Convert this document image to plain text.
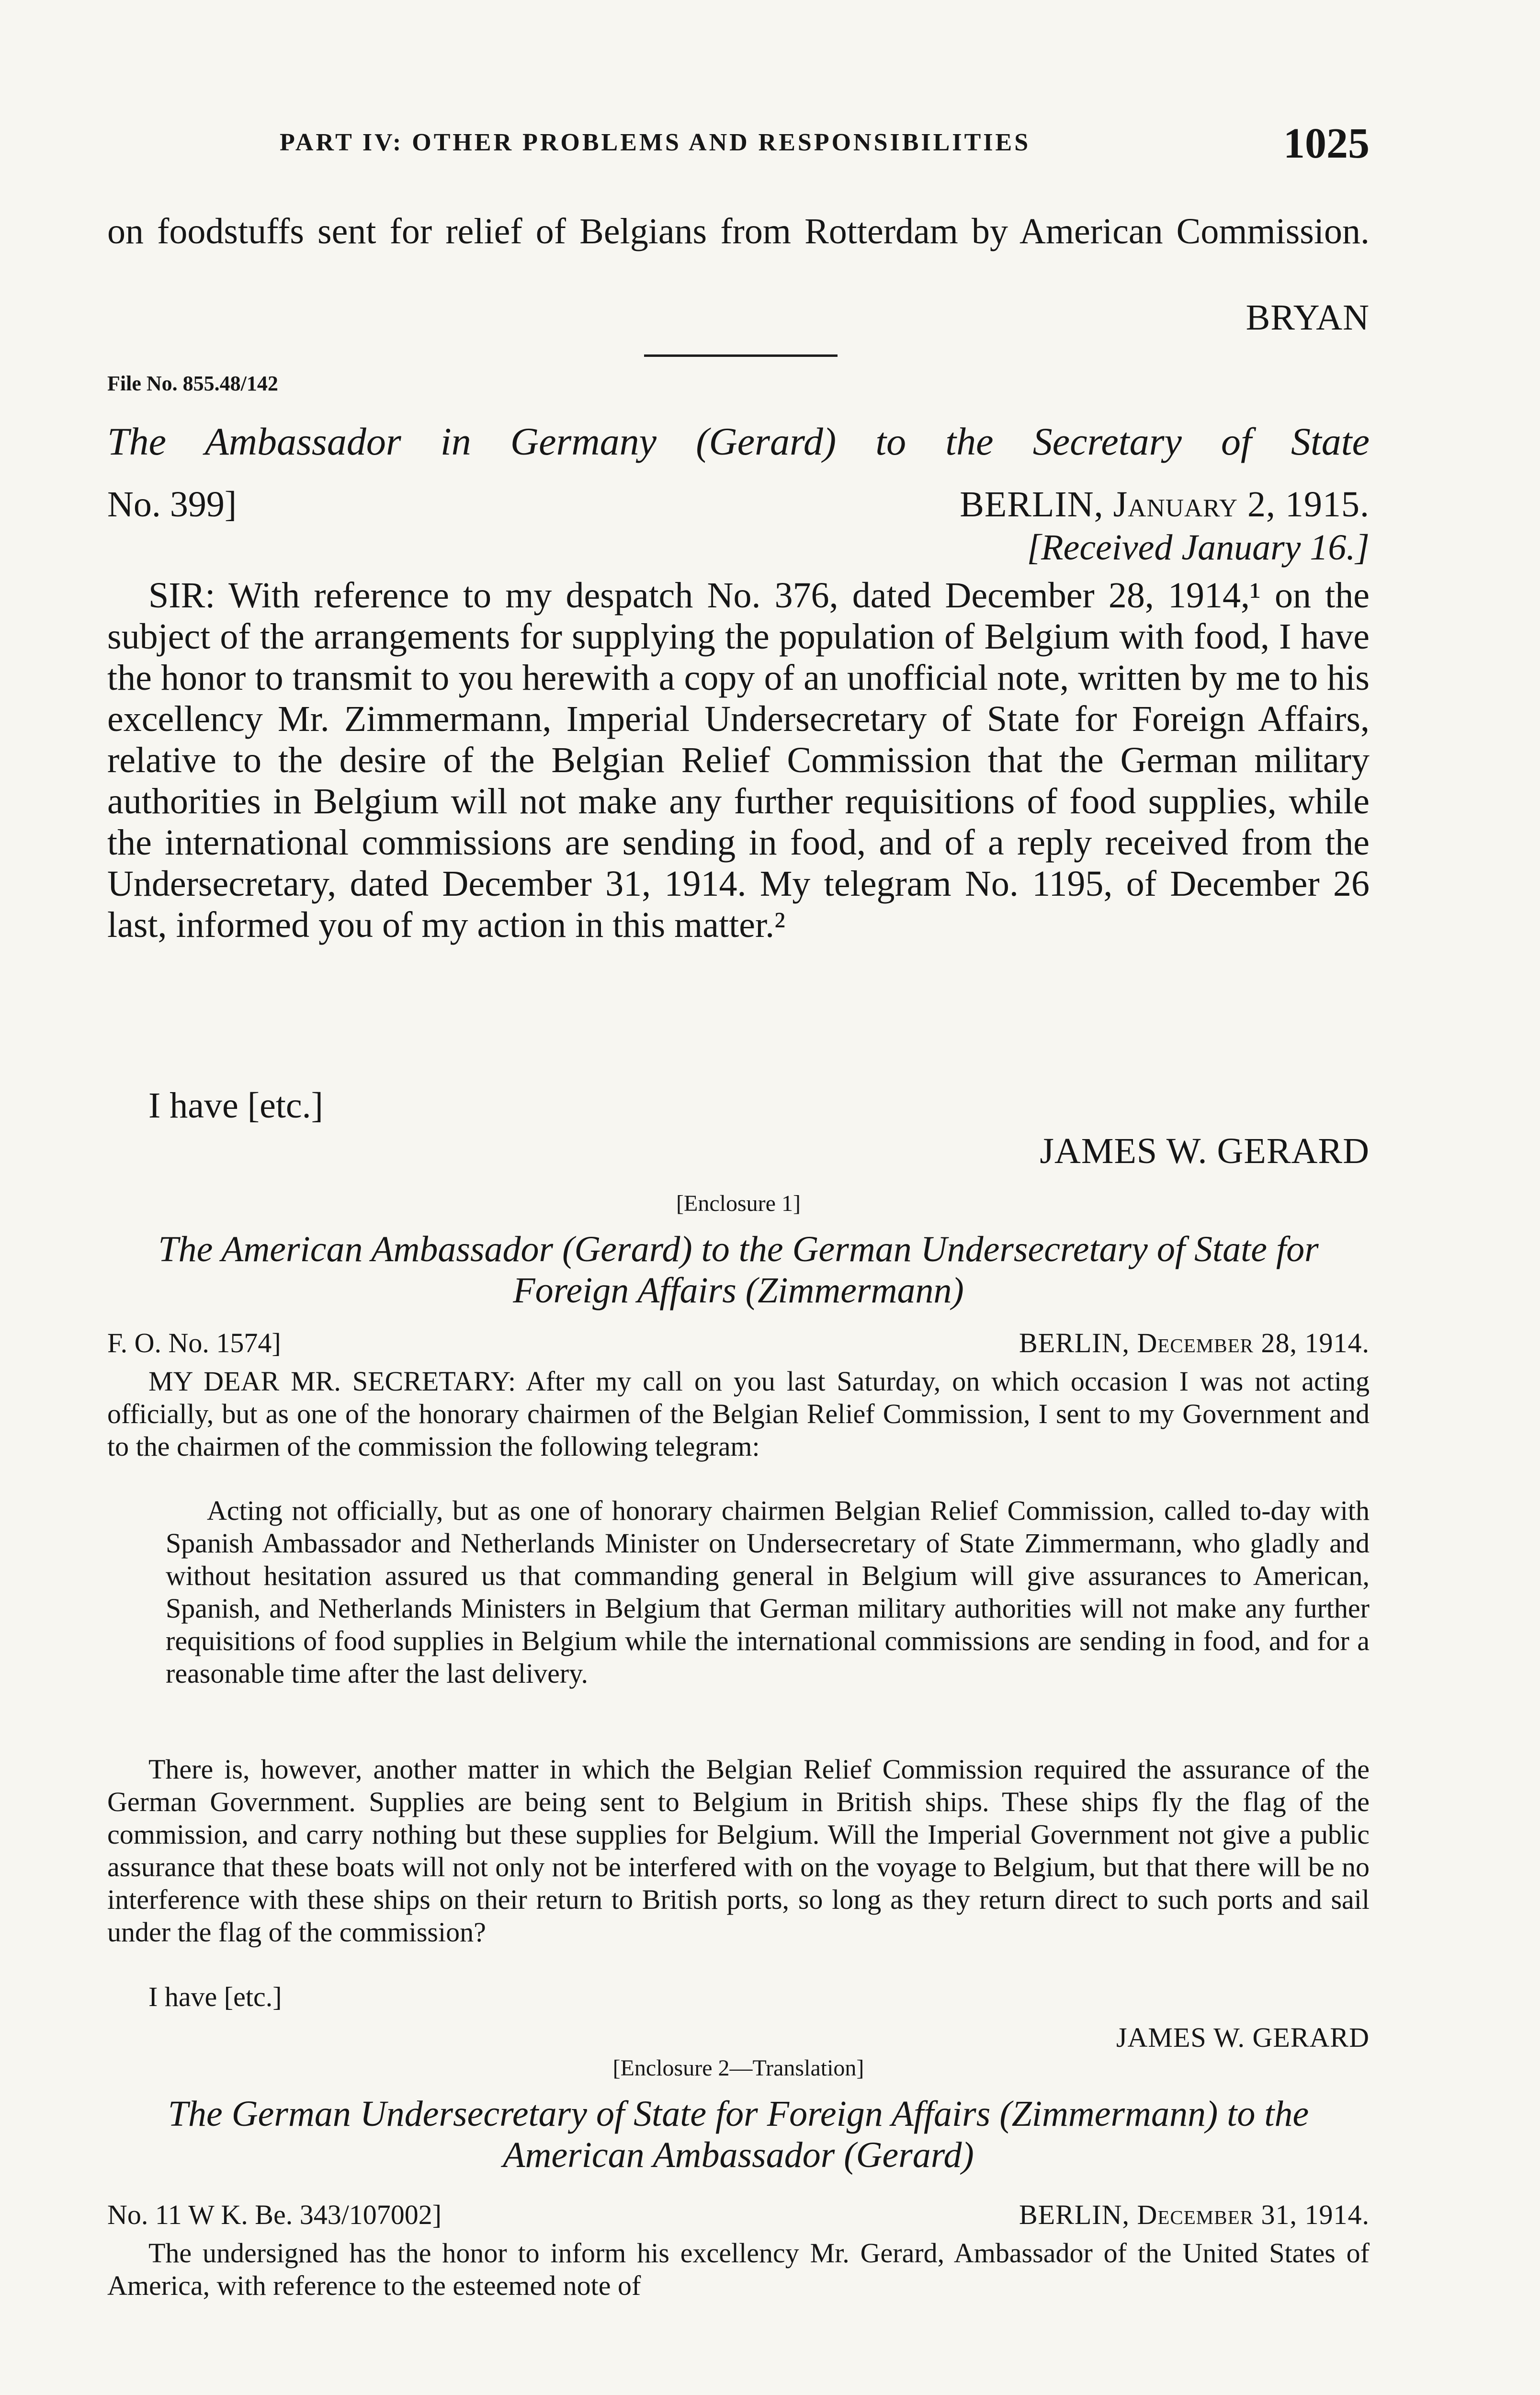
PART IV: OTHER PROBLEMS AND RESPONSIBILITIES	1025
on foodstuffs sent for relief of Belgians from Rotterdam by American Commission.
BRYAN
File No. 855.48/142
The Ambassador in Germany (Gerard) to the Secretary of State
No. 399]	BERLIN, January 2, 1915.
[Received January 16.]
SIR: With reference to my despatch No. 376, dated December 28, 1914,¹ on the subject of the arrangements for supplying the population of Belgium with food, I have the honor to transmit to you herewith a copy of an unofficial note, written by me to his excellency Mr. Zimmermann, Imperial Undersecretary of State for Foreign Affairs, relative to the desire of the Belgian Relief Commission that the German military authorities in Belgium will not make any further requisitions of food supplies, while the international commissions are sending in food, and of a reply received from the Undersecretary, dated December 31, 1914. My telegram No. 1195, of December 26 last, informed you of my action in this matter.²
I have [etc.]
JAMES W. GERARD
[Enclosure 1]
The American Ambassador (Gerard) to the German Undersecretary of State for Foreign Affairs (Zimmermann)
F. O. No. 1574]	BERLIN, December 28, 1914.
MY DEAR MR. SECRETARY: After my call on you last Saturday, on which occasion I was not acting officially, but as one of the honorary chairmen of the Belgian Relief Commission, I sent to my Government and to the chairmen of the commission the following telegram:
Acting not officially, but as one of honorary chairmen Belgian Relief Commission, called to-day with Spanish Ambassador and Netherlands Minister on Undersecretary of State Zimmermann, who gladly and without hesitation assured us that commanding general in Belgium will give assurances to American, Spanish, and Netherlands Ministers in Belgium that German military authorities will not make any further requisitions of food supplies in Belgium while the international commissions are sending in food, and for a reasonable time after the last delivery.
There is, however, another matter in which the Belgian Relief Commission required the assurance of the German Government. Supplies are being sent to Belgium in British ships. These ships fly the flag of the commission, and carry nothing but these supplies for Belgium. Will the Imperial Government not give a public assurance that these boats will not only not be interfered with on the voyage to Belgium, but that there will be no interference with these ships on their return to British ports, so long as they return direct to such ports and sail under the flag of the commission?
I have [etc.]
JAMES W. GERARD
[Enclosure 2—Translation]
The German Undersecretary of State for Foreign Affairs (Zimmermann) to the American Ambassador (Gerard)
No. 11 W K. Be. 343/107002]	BERLIN, December 31, 1914.
The undersigned has the honor to inform his excellency Mr. Gerard, Ambassador of the United States of America, with reference to the esteemed note of
